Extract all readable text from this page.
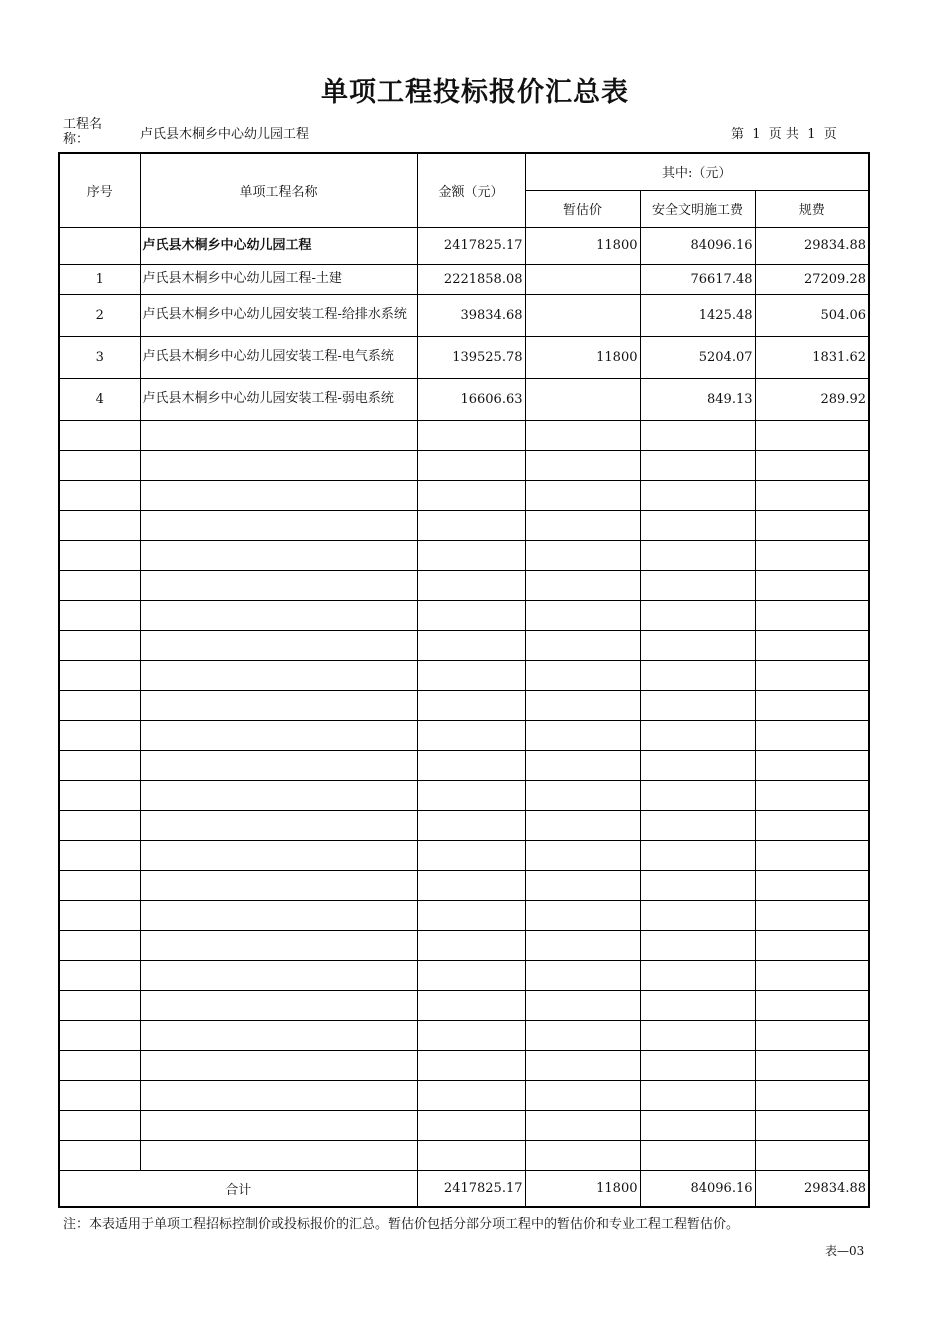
单项工程投标报价汇总表
工程名称：	卢氏县木桐乡中心幼儿园工程	第  1  页 共  1  页
序号	单项工程名称	金额（元）	其中:（元）		
			暂估价	安全文明施工费	规费
	卢氏县木桐乡中心幼儿园工程	2417825.17	11800	84096.16	29834.88
1	卢氏县木桐乡中心幼儿园工程-土建	2221858.08		76617.48	27209.28
2	卢氏县木桐乡中心幼儿园安装工程-给排水系统	39834.68		1425.48	504.06
3	卢氏县木桐乡中心幼儿园安装工程-电气系统	139525.78	11800	5204.07	1831.62
4	卢氏县木桐乡中心幼儿园安装工程-弱电系统	16606.63		849.13	289.92

合计		2417825.17	11800	84096.16	29834.88
注：本表适用于单项工程招标控制价或投标报价的汇总。暂估价包括分部分项工程中的暂估价和专业工程工程暂估价。
表—03
